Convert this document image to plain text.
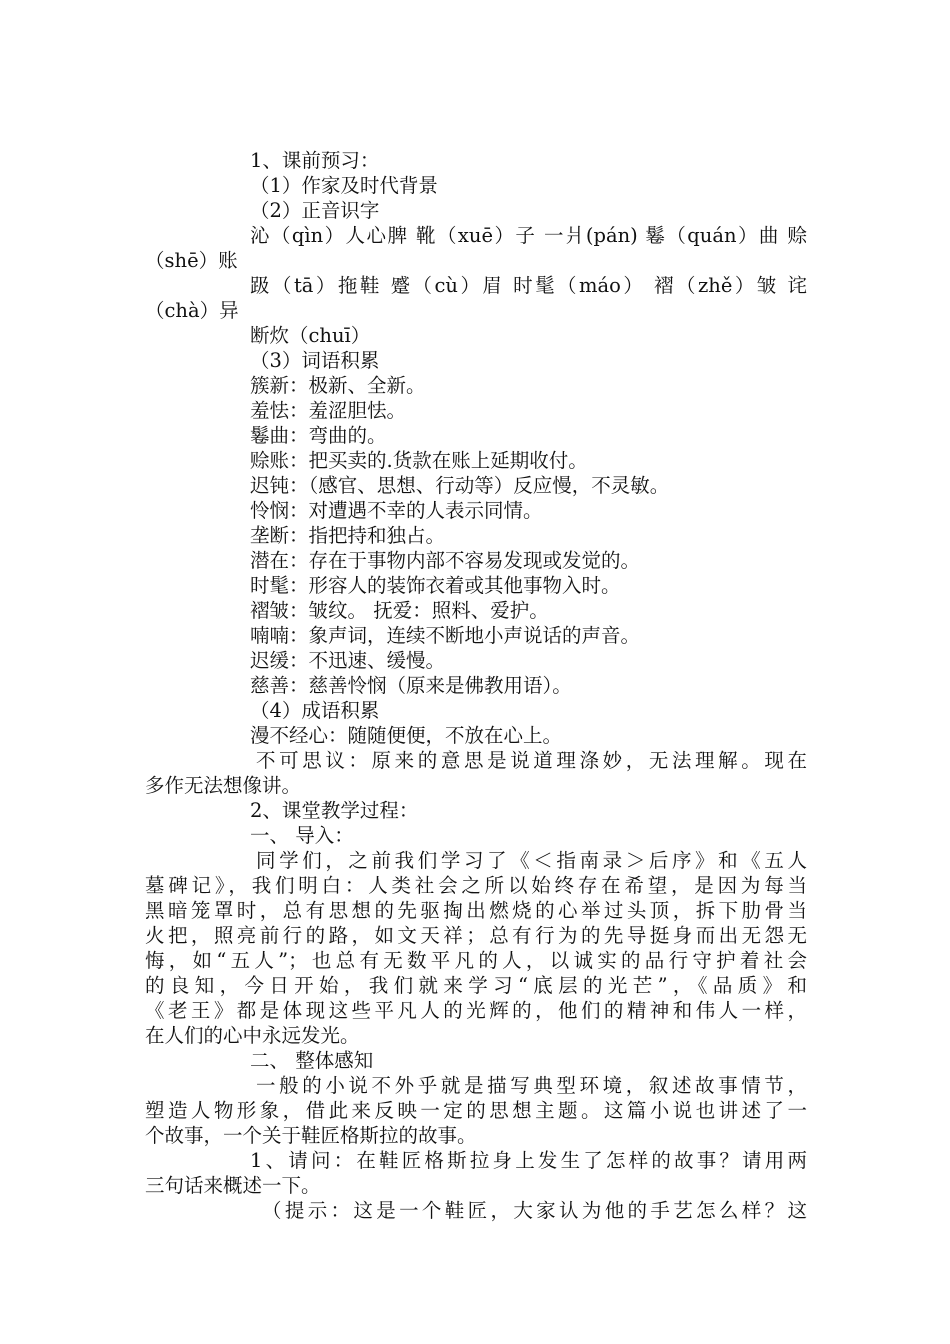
1、课前预习：
（1）作家及时代背景
（2）正音识字
沁（qìn）人心脾 靴（xuē）子 一爿(pán) 鬈（quán）曲 赊
（shē）账
趿（tā）拖鞋 蹙（cù）眉 时髦（máo） 褶（zhě）皱 诧
（chà）异
断炊（chuī）
（3）词语积累
簇新：极新、全新。
羞怯：羞涩胆怯。
鬈曲：弯曲的。
赊账：把买卖的.货款在账上延期收付。
迟钝：（感官、思想、行动等）反应慢，不灵敏。
怜悯：对遭遇不幸的人表示同情。
垄断：指把持和独占。
潜在：存在于事物内部不容易发现或发觉的。
时髦：形容人的装饰衣着或其他事物入时。
褶皱：皱纹。 抚爱：照料、爱护。
喃喃：象声词，连续不断地小声说话的声音。
迟缓：不迅速、缓慢。
慈善：慈善怜悯（原来是佛教用语）。
（4）成语积累
漫不经心：随随便便，不放在心上。
不可思议：原来的意思是说道理涤妙，无法理解。现在
多作无法想像讲。
2、课堂教学过程：
一、 导入：
同学们，之前我们学习了《＜指南录＞后序》和《五人
墓碑记》，我们明白：人类社会之所以始终存在希望，是因为每当
黑暗笼罩时，总有思想的先驱掏出燃烧的心举过头顶，拆下肋骨当
火把，照亮前行的路，如文天祥；总有行为的先导挺身而出无怨无
悔，如“五人”；也总有无数平凡的人，以诚实的品行守护着社会
的良知，今日开始，我们就来学习“底层的光芒”，《品质》和
《老王》都是体现这些平凡人的光辉的，他们的精神和伟人一样，
在人们的心中永远发光。
二、 整体感知
一般的小说不外乎就是描写典型环境，叙述故事情节，
塑造人物形象，借此来反映一定的思想主题。这篇小说也讲述了一
个故事，一个关于鞋匠格斯拉的故事。
1、请问：在鞋匠格斯拉身上发生了怎样的故事？请用两
三句话来概述一下。
（提示：这是一个鞋匠，大家认为他的手艺怎么样？这
